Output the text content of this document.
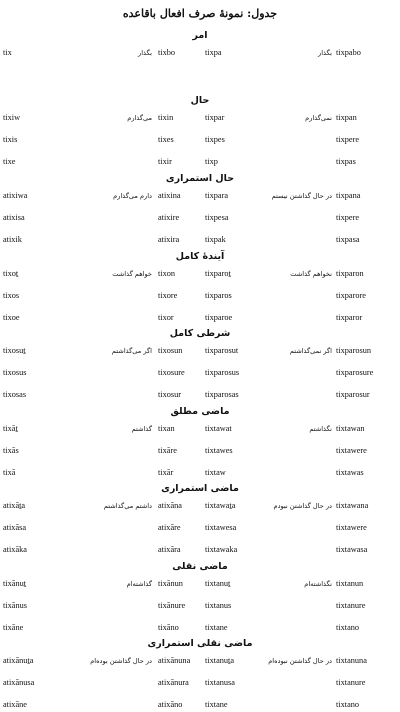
جدول: نمونهٔ صرف افعال باقاعده
امر
tix	بگذار tixbo	tixpa	بگذار tixpabo
حال
tixiw	می‌گذارم tixin	tixpar	نمی‌گذارم tixpan
tixis	tixes	tixpes	tixpere
tixe	tixir	tixp	tixpas
حال استمراری
atixiwa	دارم می‌گذارم atixina	tixpara	در حال گذاشتن نیستم tixpana
atixisa	atixire	tixpesa	tixpere
atixik	atixira	tixpak	tixpasa
آیندهٔ کامل
tixoṯ	خواهم گذاشت tixon	tixparoṯ	نخواهم گذاشت tixparon
tixos	tixore	tixparos	tixparore
tixoe	tixor	tixparoe	tixparor
شرطی کامل
tixosuṯ	اگر می‌گذاشتم tixosun	tixparosut	اگر نمی‌گذاشتم tixparosun
tixosus	tixosure	tixparosus	tixparosure
tixosas	tixosur	tixparosas	tixparosur
ماضی مطلق
tixāṯ	گذاشتم tixan	tixtawat	نگذاشتم tixtawan
tixās	tixāre	tixtawes	tixtawere
tixā	tixār	tixtaw	tixtawas
ماضی استمراری
atixāṯa	داشتم می‌گذاشتم atixāna	tixtawaṯa	در حال گذاشتن نبودم tixtawana
atixāsa	atixāre	tixtawesa	tixtawere
atixāka	atixāra	tixtawaka	tixtawasa
ماضی نقلی
tixānuṯ	گذاشته‌ام tixānun	tixtanuṯ	نگذاشته‌ام tixtanun
tixānus	tixānure	tixtanus	tixtanure
tixāne	tixāno	tixtane	tixtano
ماضی نقلی استمراری
atixānuṯa	در حال گذاشتن بوده‌ام atixānuna	tixtanuṯa	در حال گذاشتن نبوده‌ام tixtanuna
atixānusa	atixānura	tixtanusa	tixtanure
atixāne	atixāno	tixtane	tixtano
